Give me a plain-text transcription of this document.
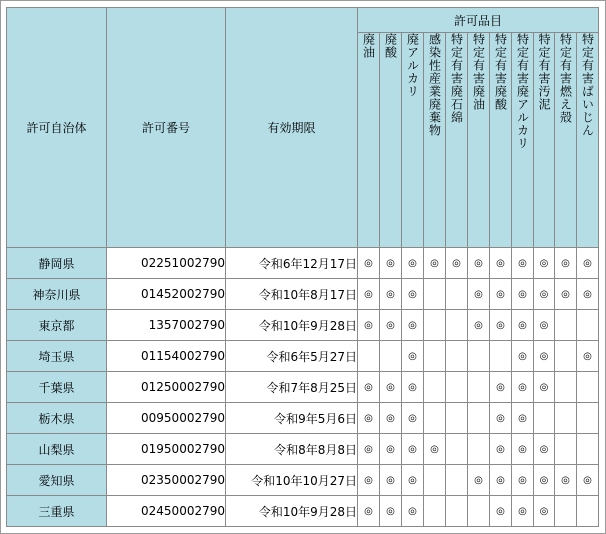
許可自治体	許可番号	有効期限	許可品目										
			廃油	廃酸	廃アルカリ	感染性産業廃棄物	特定有害廃石綿	特定有害廃油	特定有害廃酸	特定有害廃アルカリ	特定有害汚泥	特定有害燃え殻	特定有害ばいじん
静岡県	02251002790	令和6年12月17日	◎	◎	◎	◎	◎	◎	◎	◎	◎	◎	◎
神奈川県	01452002790	令和10年8月17日	◎	◎	◎			◎	◎	◎	◎	◎	◎
東京都	1357002790	令和10年9月28日	◎	◎	◎			◎	◎	◎	◎		
埼玉県	01154002790	令和6年5月27日			◎					◎	◎		◎
千葉県	01250002790	令和7年8月25日	◎	◎	◎				◎	◎	◎		
栃木県	00950002790	令和9年5月6日	◎	◎	◎				◎	◎			
山梨県	01950002790	令和8年8月8日	◎	◎	◎	◎			◎	◎	◎		
愛知県	02350002790	令和10年10月27日	◎	◎	◎			◎	◎	◎	◎	◎	◎
三重県	02450002790	令和10年9月28日	◎	◎	◎				◎	◎	◎		
